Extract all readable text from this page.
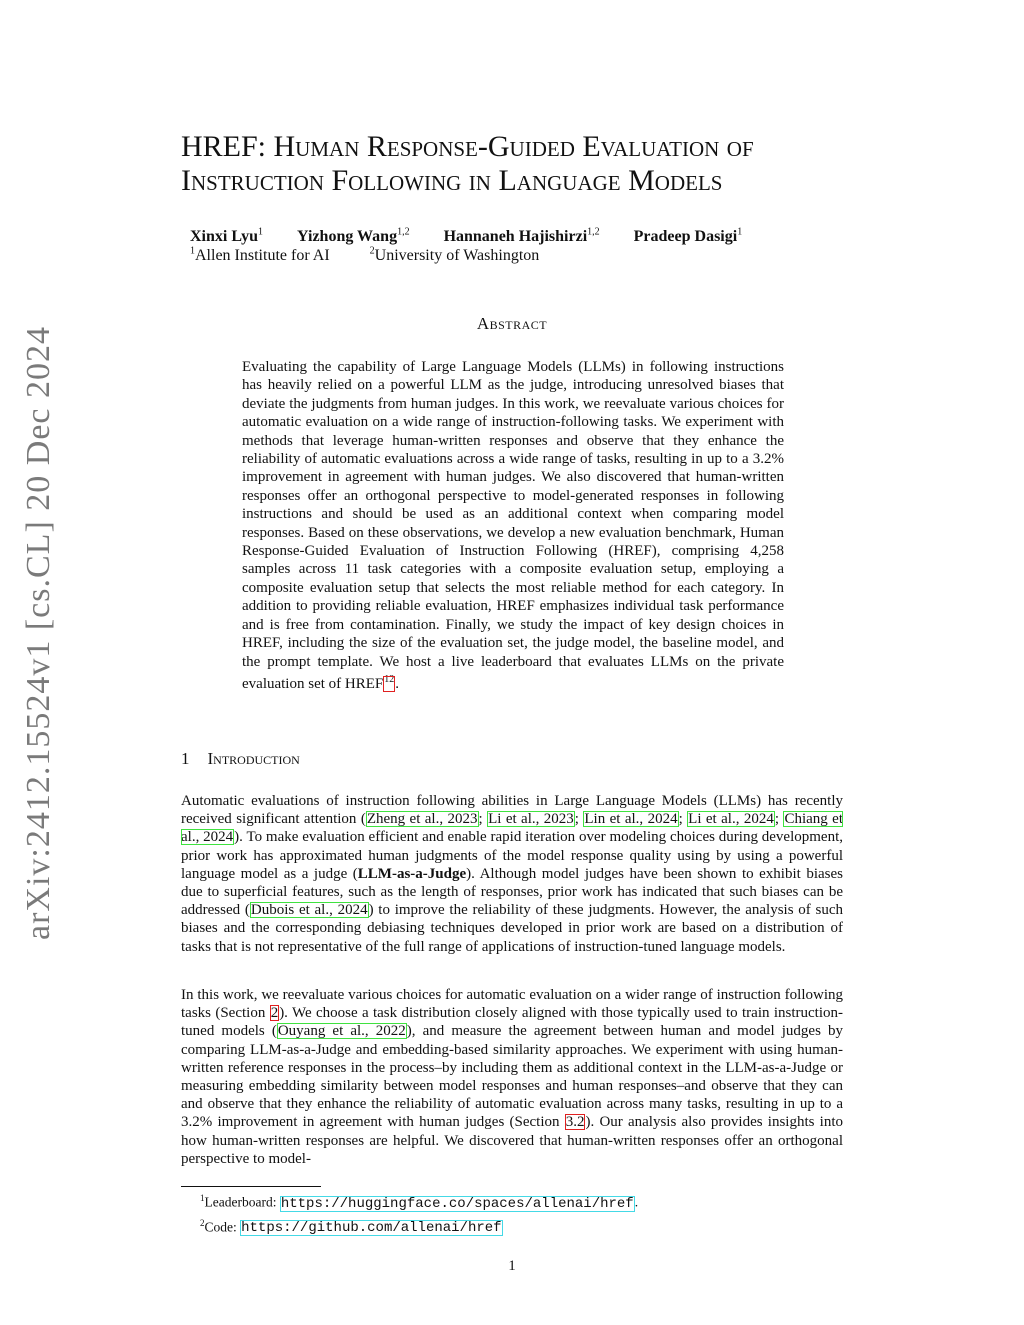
arXiv:2412.15524v1 [cs.CL] 20 Dec 2024
HREF: Human Response-Guided Evaluation of
Instruction Following in Language Models
Xinxi Lyu$^1$ Yizhong Wang$^{1,2}$ Hannaneh Hajishirzi$^{1,2}$ Pradeep Dasigi$^1$
$^1$Allen Institute for AI	$^2$University of Washington
Abstract
Evaluating the capability of Large Language Models (LLMs) in following instructions has heavily relied on a powerful LLM as the judge, introducing unresolved biases that deviate the judgments from human judges. In this work, we reevaluate various choices for automatic evaluation on a wide range of instruction-following tasks. We experiment with methods that leverage human-written responses and observe that they enhance the reliability of automatic evaluations across a wide range of tasks, resulting in up to a 3.2% improvement in agreement with human judges. We also discovered that human-written responses offer an orthogonal perspective to model-generated responses in following instructions and should be used as an additional context when comparing model responses. Based on these observations, we develop a new evaluation benchmark, Human Response-Guided Evaluation of Instruction Following (HREF), comprising 4,258 samples across 11 task categories with a composite evaluation setup, employing a composite evaluation setup that selects the most reliable method for each category. In addition to providing reliable evaluation, HREF emphasizes individual task performance and is free from contamination. Finally, we study the impact of key design choices in HREF, including the size of the evaluation set, the judge model, the baseline model, and the prompt template. We host a live leaderboard that evaluates LLMs on the private evaluation set of HREF$^{12}$.
1 Introduction
Automatic evaluations of instruction following abilities in Large Language Models (LLMs) has recently received significant attention (Zheng et al., 2023; Li et al., 2023; Lin et al., 2024; Li et al., 2024; Chiang et al., 2024). To make evaluation efficient and enable rapid iteration over modeling choices during development, prior work has approximated human judgments of the model response quality using by using a powerful language model as a judge (LLM-as-a-Judge). Although model judges have been shown to exhibit biases due to superficial features, such as the length of responses, prior work has indicated that such biases can be addressed (Dubois et al., 2024) to improve the reliability of these judgments. However, the analysis of such biases and the corresponding debiasing techniques developed in prior work are based on a distribution of tasks that is not representative of the full range of applications of instruction-tuned language models.
In this work, we reevaluate various choices for automatic evaluation on a wider range of instruction following tasks (Section 2). We choose a task distribution closely aligned with those typically used to train instruction-tuned models (Ouyang et al., 2022), and measure the agreement between human and model judges by comparing LLM-as-a-Judge and embedding-based similarity approaches. We experiment with using human-written reference responses in the process–by including them as additional context in the LLM-as-a-Judge or measuring embedding similarity between model responses and human responses–and observe that they can and observe that they enhance the reliability of automatic evaluation across many tasks, resulting in up to a 3.2% improvement in agreement with human judges (Section 3.2). Our analysis also provides insights into how human-written responses are helpful. We discovered that human-written responses offer an orthogonal perspective to model-
$^1$Leaderboard: https://huggingface.co/spaces/allenai/href.
$^2$Code: https://github.com/allenai/href
1
